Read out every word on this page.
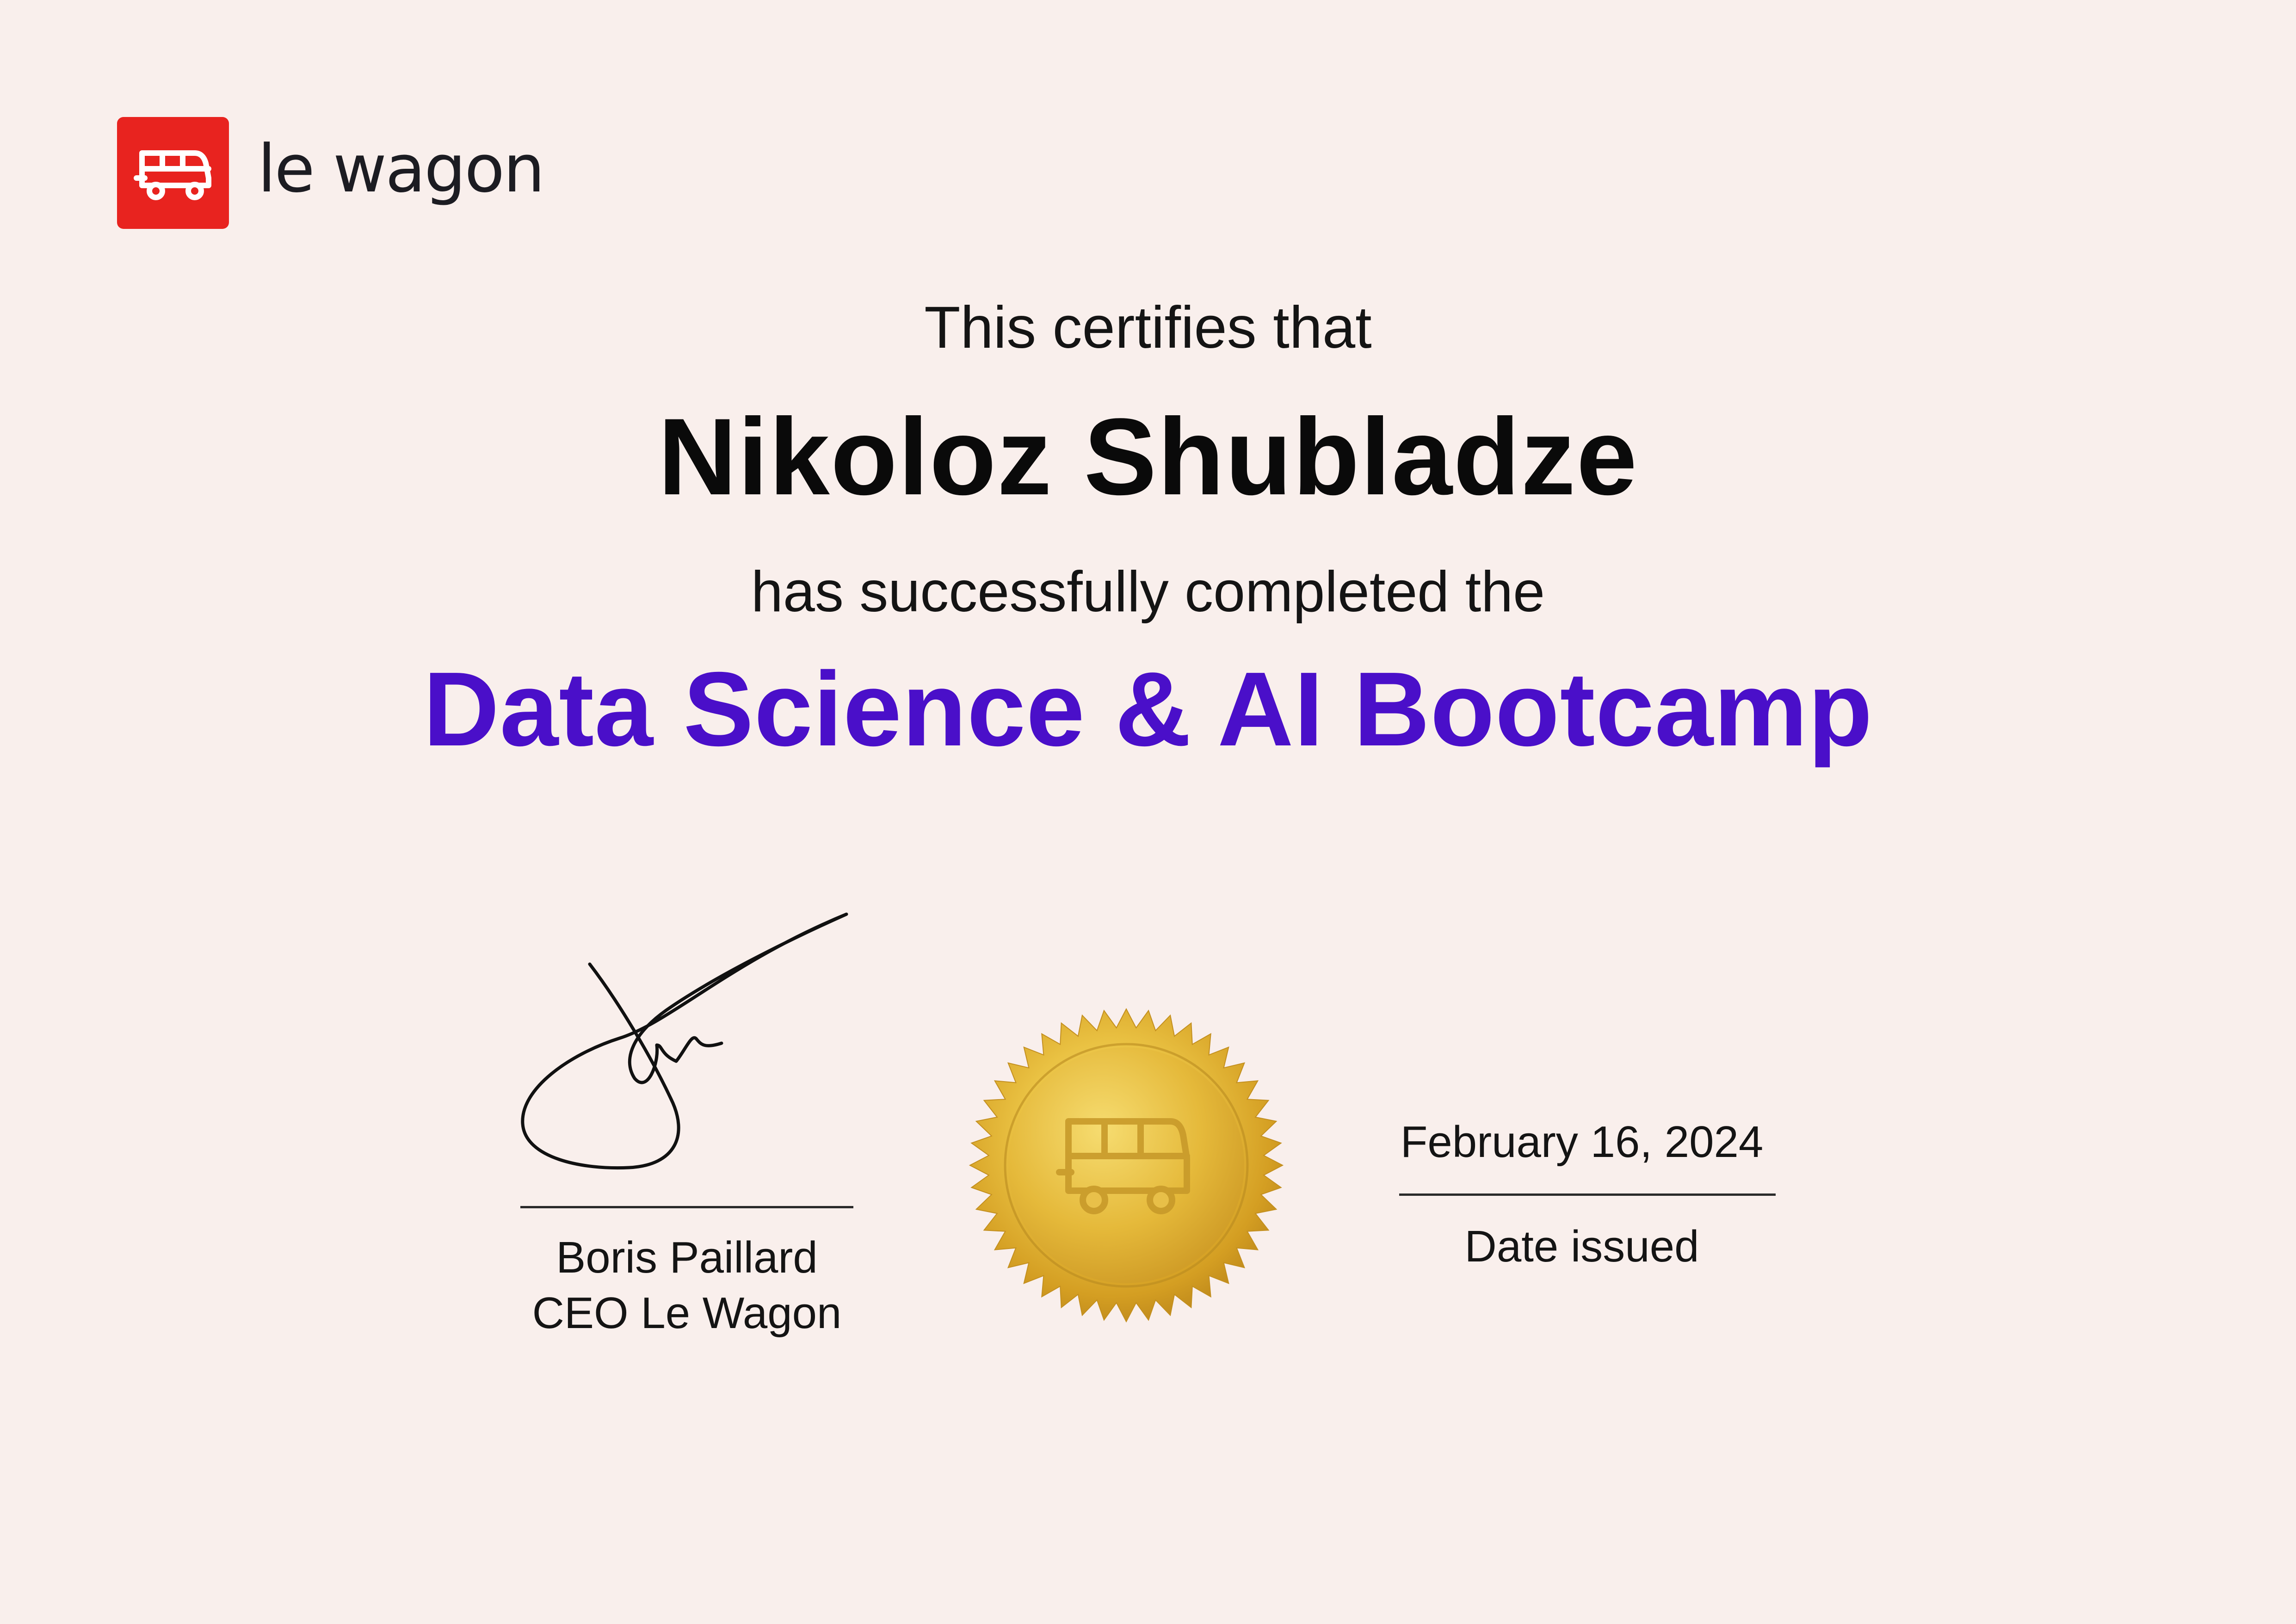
le wagon
This certifies that
Nikoloz Shubladze
has successfully completed the
Data Science & AI Bootcamp
Boris Paillard
CEO Le Wagon
February 16, 2024
Date issued
